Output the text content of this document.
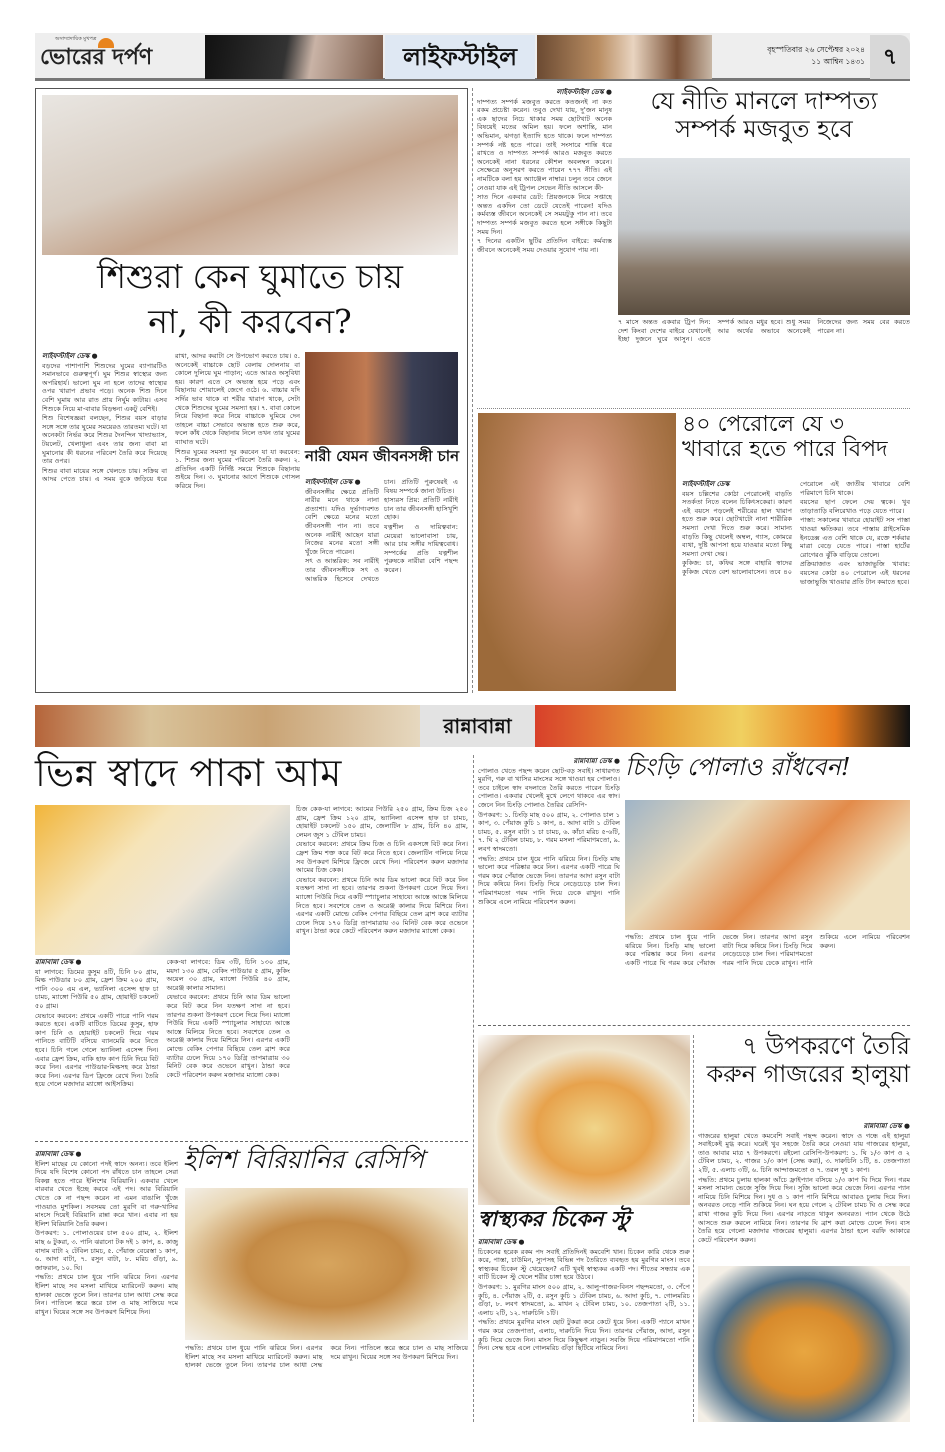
অসাম্প্রদায়িক মুখপত্র
ভোরের দর্পণ	লাইফস্টাইল	বৃহস্পতিবার ২৬ সেপ্টেম্বর ২০২৪
১১ আশ্বিন ১৪৩১ ৭
শিশুরা কেন ঘুমাতে চায়
না, কী করবেন?

লাইফস্টাইল ডেস্ক ●

বড়দের পাশাপাশি শিশুদের ঘুমের ব্যাপারটিও সমানভাবে গুরুত্বপূর্ণ। ঘুম শিশুর স্বাস্থ্যের জন্য অপরিহার্য। ভালো ঘুম না হলে তাদের স্বাস্থ্যের ওপর খারাপ প্রভাব পড়ে। অনেক শিশু দিনে বেশি ঘুমায় আর রাত প্রায় নির্ঘুম কাটায়। এসব শিশুকে নিয়ে মা-বাবার বিড়ম্বনা একটু বেশিই।

শিশু বিশেষজ্ঞরা বলছেন, শিশুর বয়স বাড়ার সঙ্গে সঙ্গে তার ঘুমের সময়েরও তারতম্য ঘটে। যা অনেকটা নির্ভর করে শিশুর দৈনন্দিন খাদ্যাভ্যাস, টয়লেট, খেলাধুলা এবং তার জন্য বাবা মা ঘুমানোর কী ধরনের পরিবেশ তৈরি করে দিয়েছে তার ওপর।

শিশুর বাবা মায়ের সঙ্গে খেলতে চায়। সক্রিয় বা আদর পেতে চায়। এ সময় বুকে জড়িয়ে ধরে রাখা, আদর করাটা সে উপভোগ করতে চায়। ৫. অনেকেই বাচ্চাকে ছোট বেলায় দোলনায় বা কোলে দুলিয়ে ঘুম পাড়ান; এতে আরও অসুবিধা হয়। কারণ এতে সে অভ্যস্ত হয়ে পড়ে এবং বিছানায় শোয়ালেই জেগে ওঠে। ৬. বাচ্চার যদি সর্দির ভাব থাকে বা শরীর খারাপ থাকে, সেটা থেকে শিশুদের ঘুমের সমস্যা হয়। ৭. বাবা কোলে নিয়ে বিছানা করে নিয়ে বাচ্চাকে ঘুমিয়ে দেন তাহলে বাচ্চা সেভাবে অভ্যস্ত হতে শুরু করে, ফলে কাঁধ থেকে বিছানায় নিলে তখন তার ঘুমের ব্যাঘাত ঘটে।

শিশুর ঘুমের সমস্যা দূর করবেন যা যা করবেন: ১. শিশুর জন্য ঘুমের পরিবেশ তৈরি করুন। ২. প্রতিদিন একটি নির্দিষ্ট সময়ে শিশুকে বিছানায় শুইয়ে দিন। ৩. ঘুমানোর আগে শিশুকে গোসল করিয়ে দিন।

নারী যেমন জীবনসঙ্গী চান

লাইফস্টাইল ডেস্ক ●

জীবনসঙ্গীর ক্ষেত্রে প্রতিটি নারীর মনে থাকে নানা প্রত্যাশা। যদিও দুর্ভাগ্যবশত বেশি ক্ষেত্রে মনের মতো জীবনসঙ্গী পান না। তবে অনেক নারীই আছেন যারা নিজের মনের মতো সঙ্গী খুঁজে নিতে পারেন।

সৎ ও আন্তরিক: সব নারীই তার জীবনসঙ্গীকে সৎ ও আন্তরিক হিসেবে দেখতে চান। প্রতিটি পুরুষেরই এ বিষয় সম্পর্কে জানা উচিত।

হাস্যরস প্রিয়: প্রতিটি নারীই চান তার জীবনসঙ্গী হাসিখুশি হোক।

যত্নশীল ও দায়িত্ববান: মেয়েরা ভালোবাসা চায়, আর চায় সঙ্গীর দায়িত্ববোধ। সম্পর্কের প্রতি যত্নশীল পুরুষকে নারীরা বেশি পছন্দ করেন।

লাইফস্টাইল ডেস্ক ●

দাম্পত্য সম্পর্ক মজবুত করতে কতজনই না কত রকম প্রচেষ্টা করেন। তবুও দেখা যায়, দু'জন মানুষ এক ছাদের নিচে থাকার সময় ছোটখাট অনেক বিষয়েই মতের অমিল হয়। ফলে অশান্তি, মান অভিমান, ঝগড়া ইত্যাদি হতে থাকে। ফলে দাম্পত্য সম্পর্ক নষ্ট হতে পারে। তাই সংসারে শান্তি ধরে রাখতে ও দাম্পত্য সম্পর্ক আরও মজবুত করতে অনেকেই নানা ধরনের কৌশল অবলম্বন করেন। সেক্ষেত্রে অনুসরণ করতে পারেন ৭৭৭ নীতি। এই নামটিকে বলা হয় অ্যাঞ্জেল নাম্বার। চলুন তবে জেনে নেওয়া যাক এই ট্রিপল সেভেন নীতি আসলে কী-

সাত দিনে একবার ডেট: প্রিয়জনকে নিয়ে সপ্তাহে অন্তত একদিন তো ডেটে যেতেই পারেন! যদিও কর্মব্যস্ত জীবনে অনেকেই সে সময়টুকু পান না। তবে দাম্পত্য সম্পর্ক মজবুত করতে হলে সঙ্গীকে কিছুটা সময় দিন।

৭ দিনের একটিন ছুটির প্রতিদিন বাইরে: কর্মব্যস্ত জীবনে অনেকেই সময় দেওয়ার সুযোগ পায় না।

যে নীতি মানলে দাম্পত্য সম্পর্ক মজবুত হবে

৭ মাসে অন্তত একবার ট্রিপ দিন: দেশ কিংবা দেশের বাইরে যেখানেই ইচ্ছা দুজনে ঘুরে আসুন। এতে সম্পর্ক আরও মধুর হবে। শুধু সময় আর অর্থের অভাবে অনেকেই নিজেদের জন্য সময় বের করতে পারেন না।

৪০ পেরোলে যে ৩ খাবারে হতে পারে বিপদ

লাইফস্টাইল ডেস্ক

বয়স চল্লিশের কোঠা পেরোলেই বাড়তি সতর্কতা নিতে বলেন চিকিৎসকেরা। কারণ এই বয়সে পড়লেই শরীরের হাল খারাপ হতে শুরু করে। ছোটখাটো নানা শারীরিক সমস্যা দেখা দিতে শুরু করে। সামান্য বাড়তি কিছু খেলেই অম্বল, গ্যাস, কোমরে ব্যথা, দুষ্টি আপসা হয়ে যাওয়ার মতো কিছু সমস্যা দেখা দেয়।

কুকিজ: চা, কফির সঙ্গে বাহারি স্বাদের কুকিজ খেতে বেশ ভালোবাসেন। তবে ৪০ পেরোলে এই জাতীয় খাবারে বেশি পরিমাণে চিনি থাকে।

বয়সের ছাপ ফেলে দেয় ত্বকে। খুব তাড়াতাড়ি বলিরেখাও পড়ে যেতে পারে।

পাস্তা: সকালের খাবারে হোয়াইট সস পাস্তা খাওয়া ক্ষতিকর। তবে পাস্তায় গ্লাইসেমিক ইনডেক্স এত বেশি থাকে যে, রক্তে শর্করার মাত্রা বেড়ে যেতে পারে। পাস্তা হার্টের রোগেরও ঝুঁকি বাড়িয়ে তোলে।

প্রক্রিয়াজাত এবং ভাজাভুজি খাবার: বয়সের কোঠা ৪০ পেরোলে এই ধরনের ভাজাভুজি খাওয়ার প্রতি টান কমাতে হবে।

রান্নাবান্না
ভিন্ন স্বাদে পাকা আম

রান্নাবান্না ডেস্ক ●

যা লাগবে: ডিমের কুসুম ৪টি, চিনি ৮০ গ্রাম, মিল্ক পাউডার ৮০ গ্রাম, ফ্রেশ ক্রিম ২০০ গ্রাম, পানি ৩০০ এম এল, ভ্যানিলা এসেন্স হাফ চা চামচ, ম্যাঙ্গো পিউরি ৫০ গ্রাম, হোয়াইট চকলেট ৫০ গ্রাম।

যেভাবে করবেন: প্রথমে একটি পাত্রে পানি গরম করতে হবে। একটি বাটিতে ডিমের কুসুম, হাফ কাপ চিনি ও হোয়াইট চকলেট দিয়ে গরম পানিতে বাটিটি বসিয়ে ব্যানমেরি করে নিতে হবে। চিনি গলে গেলে ভ্যানিলা এসেন্স দিন। এবার ফ্রেশ ক্রিম, বাকি হাফ কাপ চিনি দিয়ে বিট করে নিন। এরপর পাউডার-মিল্কসহ করে ঠান্ডা করে নিন। এরপর ডিপ ফ্রিজে রেখে দিন। তৈরি হয়ে গেলে মজাদার ম্যাঙ্গো আইসক্রিম।

কেক-যা লাগবে: ডিম ৩টি, চিনি ১৩০ গ্রাম, ময়দা ১৩০ গ্রাম, বেকিং পাউডার ৫ গ্রাম, কুকিং অয়েল ৩০ গ্রাম, ম্যাঙ্গো পিউরি ৪০ গ্রাম, অরেঞ্জ কালার সামান্য।

যেভাবে করবেন: প্রথমে চিনি আর ডিম ভালো করে বিট করে নিন যতক্ষণ সাদা না হবে। তারপর শুকনা উপকরণ চেলে দিয়ে দিন। ম্যাঙ্গো পিউরি দিয়ে একটি স্প্যাচুলার সাহায্যে আস্তে আস্তে মিলিয়ে নিতে হবে। সবশেষে তেল ও অরেঞ্জ কালার দিয়ে মিশিয়ে নিন। এরপর একটি মোল্ডে বেকিং পেপার বিছিয়ে তেল ব্রাশ করে ব্যাটার ঢেলে দিয়ে ১৭০ ডিগ্রি তাপমাত্রায় ৩০ মিনিট বেক করে ওভেনে রাখুন। ঠান্ডা করে কেটে পরিবেশন করুন মজাদার ম্যাঙ্গো কেক।

চিজ কেক-যা লাগবে: আমের পিউরি ২৫০ গ্রাম, ক্রিম চিজ ২৫০ গ্রাম, ফ্রেশ ক্রিম ১২০ গ্রাম, ভ্যানিলা এসেন্স হাফ চা চামচ, হোয়াইট চকলেট ১৫০ গ্রাম, জেলাটিন ৮ গ্রাম, চিনি ৪০ গ্রাম, লেমন জুস ১ টেবিল চামচ।

যেভাবে করবেন: প্রথমে ক্রিম চিজ ও চিনি একসঙ্গে বিট করে নিন। ফ্রেশ ক্রিম শক্ত করে বিট করে নিতে হবে। জেলাটিন গলিয়ে নিয়ে সব উপকরণ মিশিয়ে ফ্রিজে রেখে দিন। পরিবেশন করুন মজাদার আমের চিজ কেক।

যেভাবে করবেন: প্রথমে চিনি আর ডিম ভালো করে বিট করে নিন যতক্ষণ সাদা না হবে। তারপর শুকনা উপকরণ চেলে দিয়ে দিন। ম্যাঙ্গো পিউরি দিয়ে একটি স্প্যাচুলার সাহায্যে আস্তে আস্তে মিলিয়ে নিতে হবে। সবশেষে তেল ও অরেঞ্জ কালার দিয়ে মিশিয়ে নিন। এরপর একটি মোল্ডে বেকিং পেপার বিছিয়ে তেল ব্রাশ করে ব্যাটার ঢেলে দিয়ে ১৭০ ডিগ্রি তাপমাত্রায় ৩০ মিনিট বেক করে ওভেনে রাখুন। ঠান্ডা করে কেটে পরিবেশন করুন মজাদার ম্যাঙ্গো কেক।

রান্নাবান্না ডেস্ক ●

ইলিশ মাছের যে কোনো পদই স্বাদে অনন্য। তবে ইলিশ দিয়ে যদি বিশেষ কোনো পদ রাঁধতে চান তাহলে সেরা বিকল্প হতে পারে ইলিশের বিরিয়ানি। একবার খেলে বারবার খেতে ইচ্ছে করবে এই পদ। আর বিরিয়ানি খেতে কে না পছন্দ করেন না এমন বাঙালি খুঁজে পাওয়াও মুশকিল। সবসময় তো মুরগি বা গরু-খাসির মাংসে দিয়েই বিরিয়ানি রান্না করে খান। এবার না হয় ইলিশ বিরিয়ানি তৈরি করুন।

উপকরণ: ১. পোলাওয়ের চাল ৫০০ গ্রাম, ২. ইলিশ মাছ ৬ টুকরা, ৩. পানি ঝরানো টক দই ১ কাপ, ৪. কাজু বাদাম বাটা ২ টেবিল চামচ, ৫. পেঁয়াজ বেরেস্তা ১ কাপ, ৬. আদা বাটা, ৭. রসুন বাটা, ৮. মরিচ গুঁড়া, ৯. জাফরান, ১০. ঘি।

পদ্ধতি: প্রথমে চাল ধুয়ে পানি ঝরিয়ে নিন। এরপর ইলিশ মাছে সব মসলা মাখিয়ে ম্যারিনেট করুন। মাছ হালকা ভেজে তুলে নিন। তারপর চাল আধা সেদ্ধ করে নিন। পাতিলে স্তরে স্তরে চাল ও মাছ সাজিয়ে দমে রাখুন। ঘিয়ের সঙ্গে সব উপকরণ মিশিয়ে দিন।

ইলিশ বিরিয়ানির রেসিপি

পদ্ধতি: প্রথমে চাল ধুয়ে পানি ঝরিয়ে নিন। এরপর ইলিশ মাছে সব মসলা মাখিয়ে ম্যারিনেট করুন। মাছ হালকা ভেজে তুলে নিন। তারপর চাল আধা সেদ্ধ করে নিন। পাতিলে স্তরে স্তরে চাল ও মাছ সাজিয়ে দমে রাখুন। ঘিয়ের সঙ্গে সব উপকরণ মিশিয়ে দিন।

রান্নাবান্না ডেস্ক ●

পোলাও খেতে পছন্দ করেন ছোট-বড় সবাই। সাধারণত মুরগি, গরু বা খাসির মাংসের সঙ্গে খাওয়া হয় পোলাও। তবে চাইলে স্বাদ বদলাতে তৈরি করতে পারেন চিংড়ি পোলাও। একবার খেলেই মুখে লেগে থাকবে এর স্বাদ। জেনে নিন চিংড়ি পোলাও তৈরির রেসিপি-

উপকরণ: ১. চিংড়ি মাছ ৫০০ গ্রাম, ২. পোলাও চাল ১ কাপ, ৩. পেঁয়াজ কুচি ১ কাপ, ৪. আদা বাটা ১ টেবিল চামচ, ৫. রসুন বাটা ১ চা চামচ, ৬. কাঁচা মরিচ ৫-৬টি, ৭. ঘি ২ টেবিল চামচ, ৮. গরম মসলা পরিমাণমতো, ৯. লবণ স্বাদমতো।

পদ্ধতি: প্রথমে চাল ধুয়ে পানি ঝরিয়ে নিন। চিংড়ি মাছ ভালো করে পরিষ্কার করে নিন। এরপর একটি পাত্রে ঘি গরম করে পেঁয়াজ ভেজে নিন। তারপর আদা রসুন বাটা দিয়ে কষিয়ে নিন। চিংড়ি দিয়ে নেড়েচেড়ে চাল দিন। পরিমাণমতো গরম পানি দিয়ে ঢেকে রাখুন। পানি শুকিয়ে এলে নামিয়ে পরিবেশন করুন।

চিংড়ি পোলাও রাঁধবেন!

পদ্ধতি: প্রথমে চাল ধুয়ে পানি ঝরিয়ে নিন। চিংড়ি মাছ ভালো করে পরিষ্কার করে নিন। এরপর একটি পাত্রে ঘি গরম করে পেঁয়াজ ভেজে নিন। তারপর আদা রসুন বাটা দিয়ে কষিয়ে নিন। চিংড়ি দিয়ে নেড়েচেড়ে চাল দিন। পরিমাণমতো গরম পানি দিয়ে ঢেকে রাখুন। পানি শুকিয়ে এলে নামিয়ে পরিবেশন করুন।

স্বাস্থ্যকর চিকেন স্টু

রান্নাবান্না ডেস্ক ●

চিকেনের হরেক রকম পদ সবাই প্রতিদিনই কমবেশি খান। চিকেন কারি থেকে শুরু করে, পাস্তা, চাউমিন, স্যুপসহ বিভিন্ন পদ তৈরিতে ব্যবহৃত হয় মুরগির মাংস। তবে স্বাস্থ্যকর চিকেন স্টু খেয়েছেন? এটি খুবই স্বাস্থ্যকর একটি পদ। শীতের সন্ধ্যায় এক বাটি চিকেন স্টু খেলে শরীর চাঙ্গা হয়ে উঠবে।

উপকরণ: ১. মুরগির মাংস ৫০০ গ্রাম, ২. আলু-গাজর-বিনস পছন্দমতো, ৩. পেঁপে কুচি, ৪. পেঁয়াজ ২টি, ৫. রসুন কুচি ১ টেবিল চামচ, ৬. আদা কুচি, ৭. গোলমরিচ গুঁড়া, ৮. লবণ স্বাদমতো, ৯. মাখন ২ টেবিল চামচ, ১০. তেজপাতা ২টি, ১১. এলাচ ২টি, ১২. দারুচিনি ১টি।

পদ্ধতি: প্রথমে মুরগির মাংস ছোট টুকরা করে কেটে ধুয়ে নিন। একটি প্যানে মাখন গরম করে তেজপাতা, এলাচ, দারুচিনি দিয়ে দিন। তারপর পেঁয়াজ, আদা, রসুন কুচি দিয়ে ভেজে নিন। মাংস দিয়ে কিছুক্ষণ নাড়ুন। সবজি দিয়ে পরিমাণমতো পানি দিন। সেদ্ধ হয়ে এলে গোলমরিচ গুঁড়া ছিটিয়ে নামিয়ে নিন।

৭ উপকরণে তৈরি করুন গাজরের হালুয়া

রান্নাবান্না ডেস্ক ●

গাজরের হালুয়া খেতে কমবেশি সবাই পছন্দ করেন। স্বাদে ও গন্ধে এই হালুয়া সবাইকেই মুগ্ধ করে। ঘরেই খুব সহজে তৈরি করে নেওয়া যায় গাজরের হালুয়া, তাও আবার মাত্র ৭ উপকরণে। রইলো রেসিপি-উপকরণ: ১. ঘি ১/৩ কাপ ও ২ টেবিল চামচ, ২. গাজর ১/৩ কাপ (সেদ্ধ করা), ৩. দারুচিনি ১টি, ৪. তেজপাতা ২টি, ৫. এলাচ ৩টি, ৬. চিনি আন্দাজমতো ও ৭. তরল দুধ ১ কাপ।

পদ্ধতি: প্রথমে চুলায় হালকা আঁচে ফ্রাইপ্যান বসিয়ে ১/৩ কাপ ঘি দিয়ে দিন। গরম মসলা সামান্য ভেজে সুজি দিয়ে দিন। সুজি ভালো করে ভেজে নিন। এরপর প্যান নামিয়ে চিনি মিশিয়ে দিন। দুধ ও ১ কাপ পানি মিশিয়ে আবারও চুলায় দিয়ে দিন। অনবরত নেড়ে পানি শুকিয়ে নিন। ঘন হয়ে গেলে ২ টেবিল চামচ ঘি ও সেদ্ধ করে রাখা গাজর কুচি দিয়ে দিন। এরপর নাড়তে থাকুন অনবরত। প্যান থেকে উঠে আসতে শুরু করলে নামিয়ে নিন। তারপর ঘি ব্রাশ করা মোল্ডে ঢেলে দিন। ব্যস তৈরি হয়ে গেলো মজাদার গাজরের হালুয়া। এরপর ঠান্ডা হলে বরফি আকারে কেটে পরিবেশন করুন।
